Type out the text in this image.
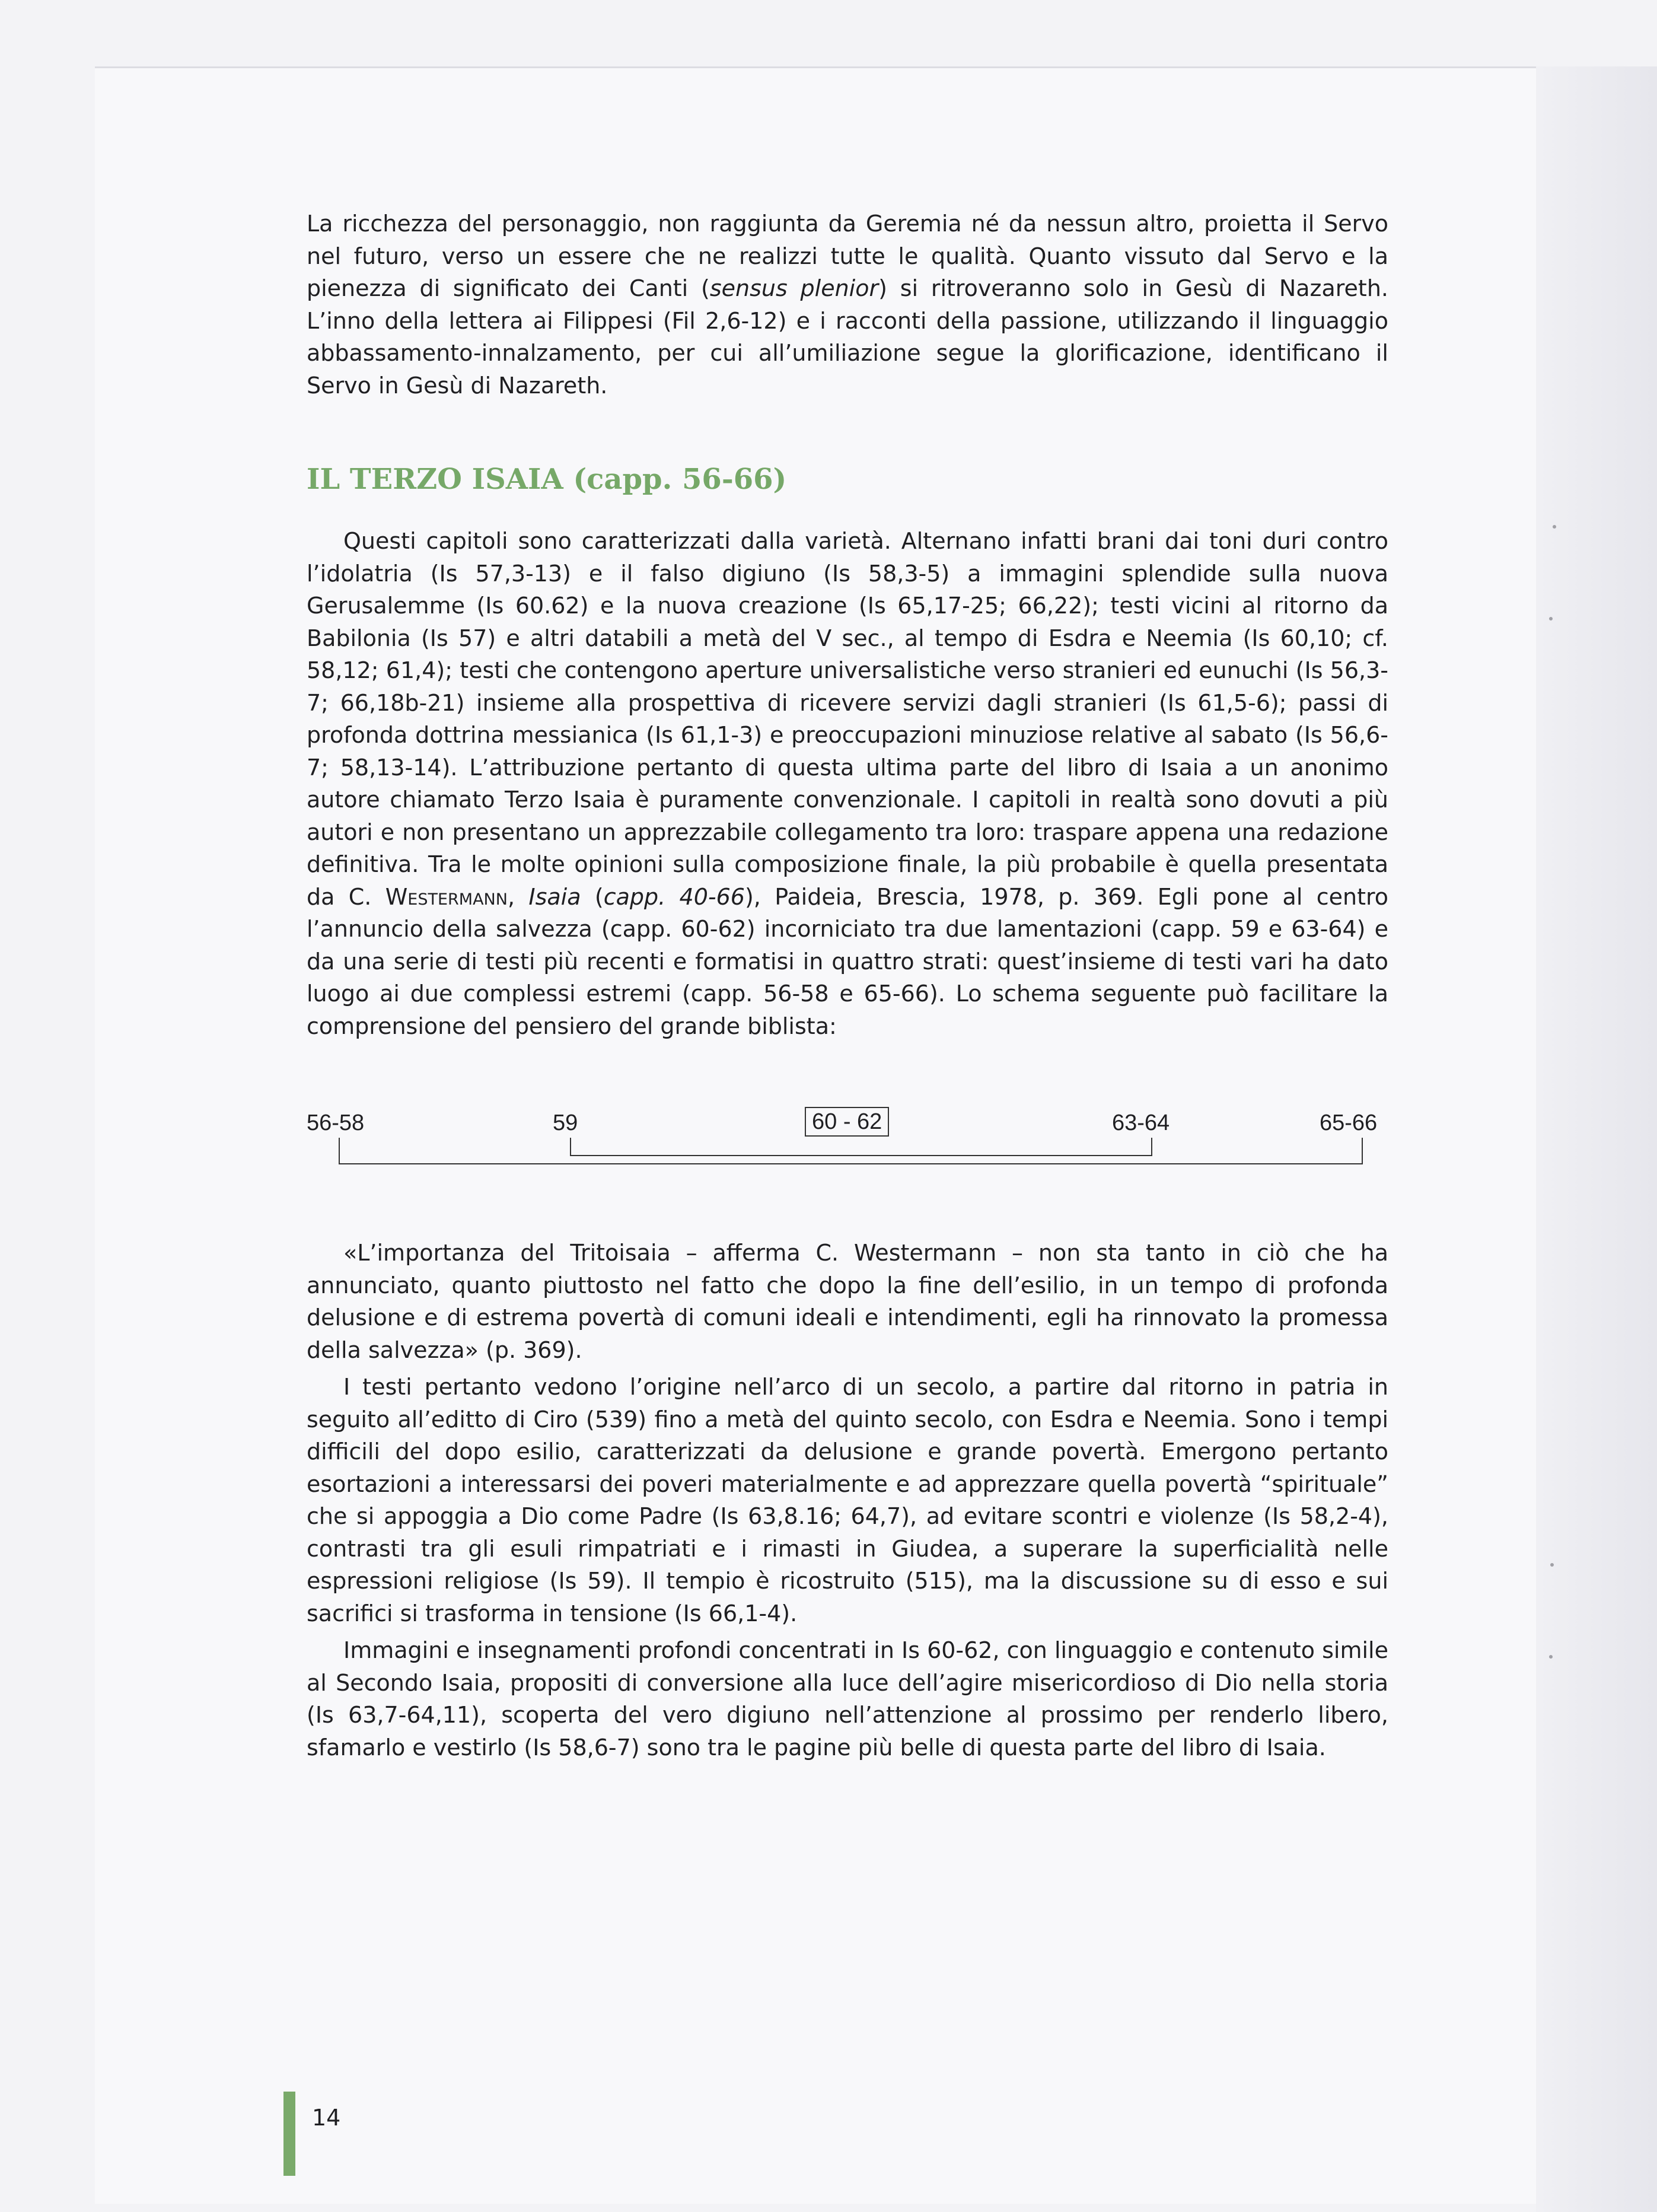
La ricchezza del personaggio, non raggiunta da Geremia né da nessun altro, proietta il Servo nel futuro, verso un essere che ne realizzi tutte le qualità. Quanto vissuto dal Servo e la pienezza di significato dei Canti (sensus plenior) si ritroveranno solo in Gesù di Nazareth. L’inno della lettera ai Filippesi (Fil 2,6-12) e i racconti della passione, utilizzando il linguaggio abbassamento-innalzamento, per cui all’umiliazione segue la glorificazione, identificano il Servo in Gesù di Nazareth.

IL TERZO ISAIA (capp. 56-66)

Questi capitoli sono caratterizzati dalla varietà. Alternano infatti brani dai toni duri contro l’idolatria (Is 57,3-13) e il falso digiuno (Is 58,3-5) a immagini splendide sulla nuova Gerusalemme (Is 60.62) e la nuova creazione (Is 65,17-25; 66,22); testi vicini al ritorno da Babilonia (Is 57) e altri databili a metà del V sec., al tempo di Esdra e Neemia (Is 60,10; cf. 58,12; 61,4); testi che contengono aperture universalistiche verso stranieri ed eunuchi (Is 56,3-7; 66,18b-21) insieme alla prospettiva di ricevere servizi dagli stranieri (Is 61,5-6); passi di profonda dottrina messianica (Is 61,1-3) e preoccupazioni minuziose relative al sabato (Is 56,6-7; 58,13-14). L’attribuzione pertanto di questa ultima parte del libro di Isaia a un anonimo autore chiamato Terzo Isaia è puramente convenzionale. I capitoli in realtà sono dovuti a più autori e non presentano un apprezzabile collegamento tra loro: traspare appena una redazione definitiva. Tra le molte opinioni sulla composizione finale, la più probabile è quella presentata da C. Westermann, Isaia (capp. 40-66), Paideia, Brescia, 1978, p. 369. Egli pone al centro l’annuncio della salvezza (capp. 60-62) incorniciato tra due lamentazioni (capp. 59 e 63-64) e da una serie di testi più recenti e formatisi in quattro strati: quest’insieme di testi vari ha dato luogo ai due complessi estremi (capp. 56-58 e 65-66). Lo schema seguente può facilitare la comprensione del pensiero del grande biblista:

56-58	59	60 - 62	63-64	65-66

«L’importanza del Tritoisaia – afferma C. Westermann – non sta tanto in ciò che ha annunciato, quanto piuttosto nel fatto che dopo la fine dell’esilio, in un tempo di profonda delusione e di estrema povertà di comuni ideali e intendimenti, egli ha rinnovato la promessa della salvezza» (p. 369).

I testi pertanto vedono l’origine nell’arco di un secolo, a partire dal ritorno in patria in seguito all’editto di Ciro (539) fino a metà del quinto secolo, con Esdra e Neemia. Sono i tempi difficili del dopo esilio, caratterizzati da delusione e grande povertà. Emergono pertanto esortazioni a interessarsi dei poveri materialmente e ad apprezzare quella povertà “spirituale” che si appoggia a Dio come Padre (Is 63,8.16; 64,7), ad evitare scontri e violenze (Is 58,2-4), contrasti tra gli esuli rimpatriati e i rimasti in Giudea, a superare la superficialità nelle espressioni religiose (Is 59). Il tempio è ricostruito (515), ma la discussione su di esso e sui sacrifici si trasforma in tensione (Is 66,1-4).

Immagini e insegnamenti profondi concentrati in Is 60-62, con linguaggio e contenuto simile al Secondo Isaia, propositi di conversione alla luce dell’agire misericordioso di Dio nella storia (Is 63,7-64,11), scoperta del vero digiuno nell’attenzione al prossimo per renderlo libero, sfamarlo e vestirlo (Is 58,6-7) sono tra le pagine più belle di questa parte del libro di Isaia.

14
